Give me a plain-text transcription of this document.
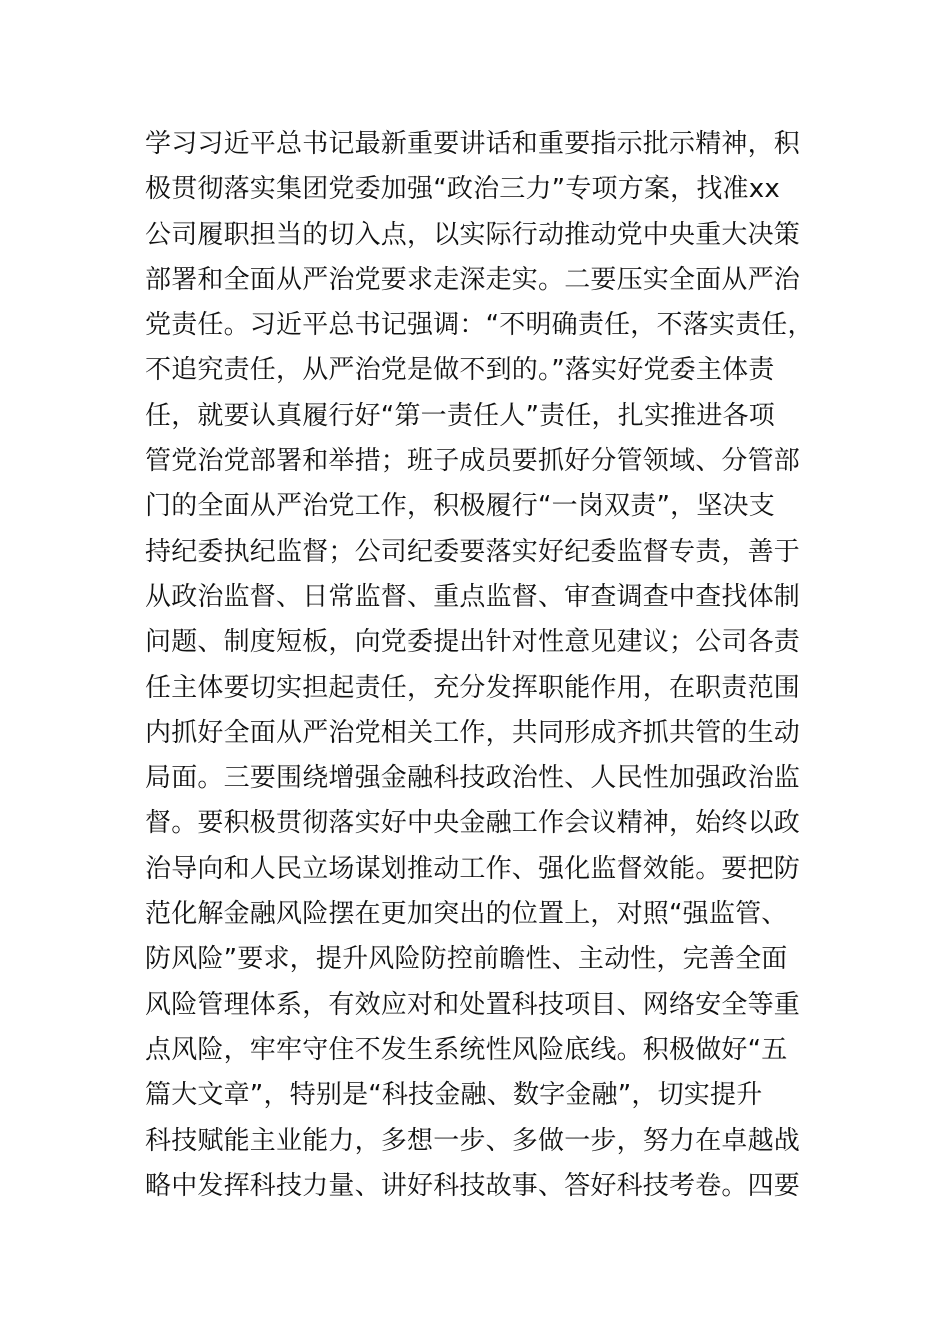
学习习近平总书记最新重要讲话和重要指示批示精神，积
极贯彻落实集团党委加强“政治三力”专项方案，找准xx
公司履职担当的切入点，以实际行动推动党中央重大决策
部署和全面从严治党要求走深走实。二要压实全面从严治
党责任。习近平总书记强调：“不明确责任，不落实责任，
不追究责任，从严治党是做不到的。”落实好党委主体责
任，就要认真履行好“第一责任人”责任，扎实推进各项
管党治党部署和举措；班子成员要抓好分管领域、分管部
门的全面从严治党工作，积极履行“一岗双责”，坚决支
持纪委执纪监督；公司纪委要落实好纪委监督专责，善于
从政治监督、日常监督、重点监督、审查调查中查找体制
问题、制度短板，向党委提出针对性意见建议；公司各责
任主体要切实担起责任，充分发挥职能作用，在职责范围
内抓好全面从严治党相关工作，共同形成齐抓共管的生动
局面。三要围绕增强金融科技政治性、人民性加强政治监
督。要积极贯彻落实好中央金融工作会议精神，始终以政
治导向和人民立场谋划推动工作、强化监督效能。要把防
范化解金融风险摆在更加突出的位置上，对照“强监管、
防风险”要求，提升风险防控前瞻性、主动性，完善全面
风险管理体系，有效应对和处置科技项目、网络安全等重
点风险，牢牢守住不发生系统性风险底线。积极做好“五
篇大文章”，特别是“科技金融、数字金融”，切实提升
科技赋能主业能力，多想一步、多做一步，努力在卓越战
略中发挥科技力量、讲好科技故事、答好科技考卷。四要
